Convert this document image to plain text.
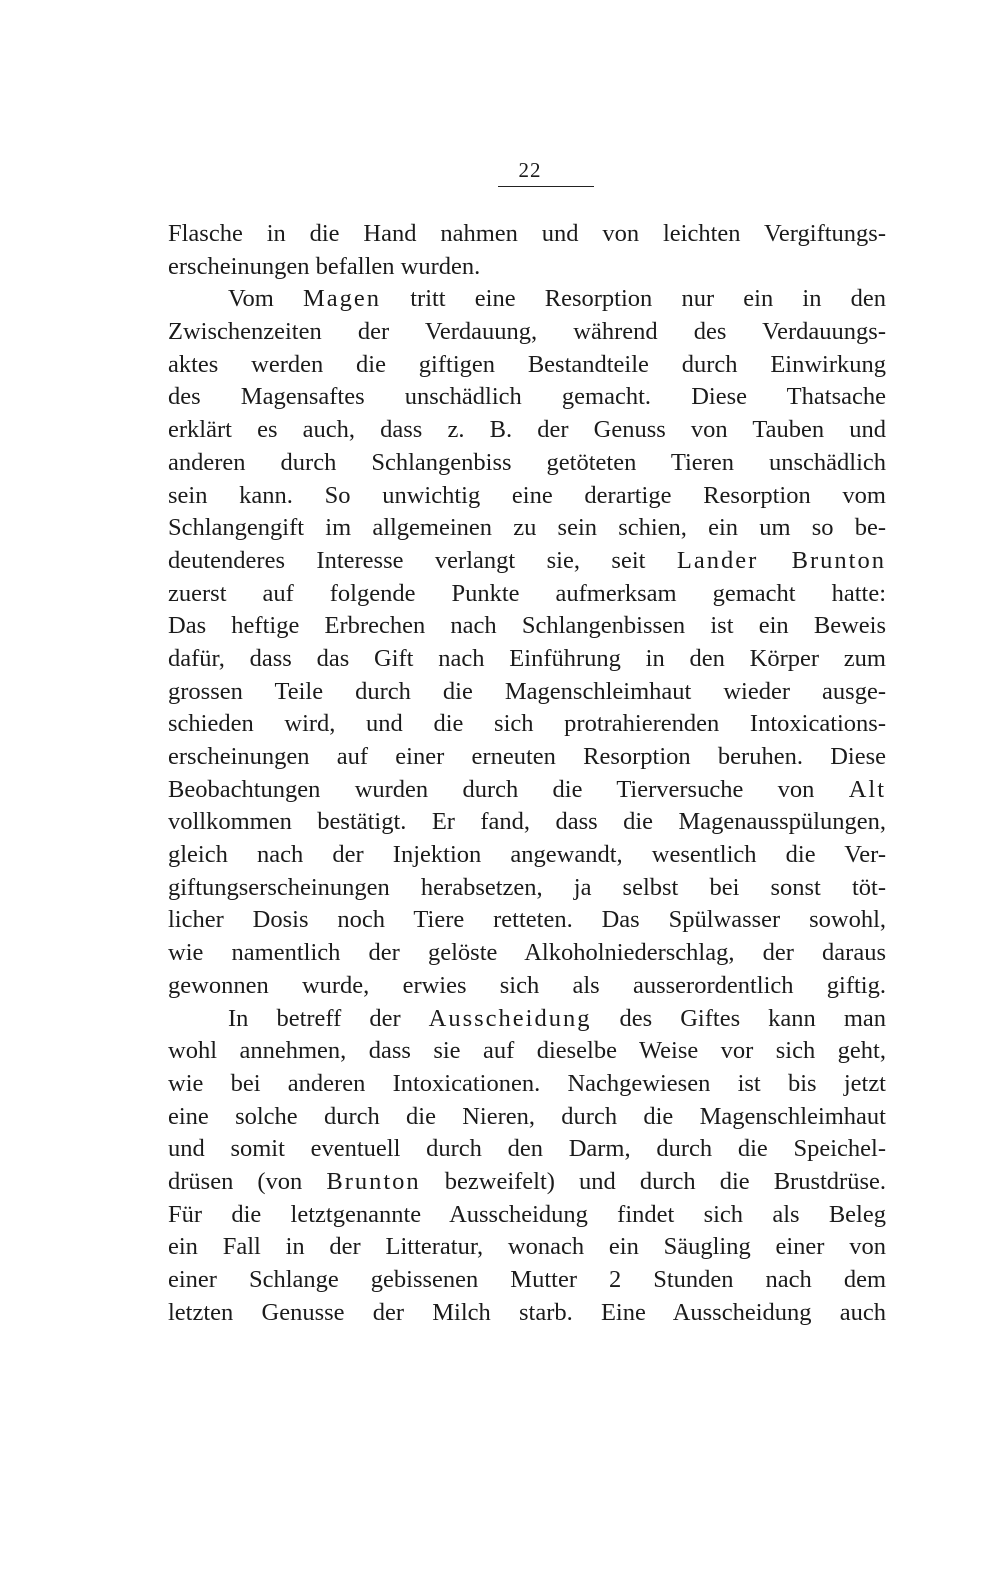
22
Flasche in die Hand nahmen und von leichten Vergiftungs-
erscheinungen befallen wurden.
Vom Magen tritt eine Resorption nur ein in den
Zwischenzeiten der Verdauung, während des Verdauungs-
aktes werden die giftigen Bestandteile durch Einwirkung
des Magensaftes unschädlich gemacht. Diese Thatsache
erklärt es auch, dass z. B. der Genuss von Tauben und
anderen durch Schlangenbiss getöteten Tieren unschädlich
sein kann. So unwichtig eine derartige Resorption vom
Schlangengift im allgemeinen zu sein schien, ein um so be-
deutenderes Interesse verlangt sie, seit Lander Brunton
zuerst auf folgende Punkte aufmerksam gemacht hatte:
Das heftige Erbrechen nach Schlangenbissen ist ein Beweis
dafür, dass das Gift nach Einführung in den Körper zum
grossen Teile durch die Magenschleimhaut wieder ausge-
schieden wird, und die sich protrahierenden Intoxications-
erscheinungen auf einer erneuten Resorption beruhen. Diese
Beobachtungen wurden durch die Tierversuche von Alt
vollkommen bestätigt. Er fand, dass die Magenausspülungen,
gleich nach der Injektion angewandt, wesentlich die Ver-
giftungserscheinungen herabsetzen, ja selbst bei sonst töt-
licher Dosis noch Tiere retteten. Das Spülwasser sowohl,
wie namentlich der gelöste Alkoholniederschlag, der daraus
gewonnen wurde, erwies sich als ausserordentlich giftig.
In betreff der Ausscheidung des Giftes kann man
wohl annehmen, dass sie auf dieselbe Weise vor sich geht,
wie bei anderen Intoxicationen. Nachgewiesen ist bis jetzt
eine solche durch die Nieren, durch die Magenschleimhaut
und somit eventuell durch den Darm, durch die Speichel-
drüsen (von Brunton bezweifelt) und durch die Brustdrüse.
Für die letztgenannte Ausscheidung findet sich als Beleg
ein Fall in der Litteratur, wonach ein Säugling einer von
einer Schlange gebissenen Mutter 2 Stunden nach dem
letzten Genusse der Milch starb. Eine Ausscheidung auch
